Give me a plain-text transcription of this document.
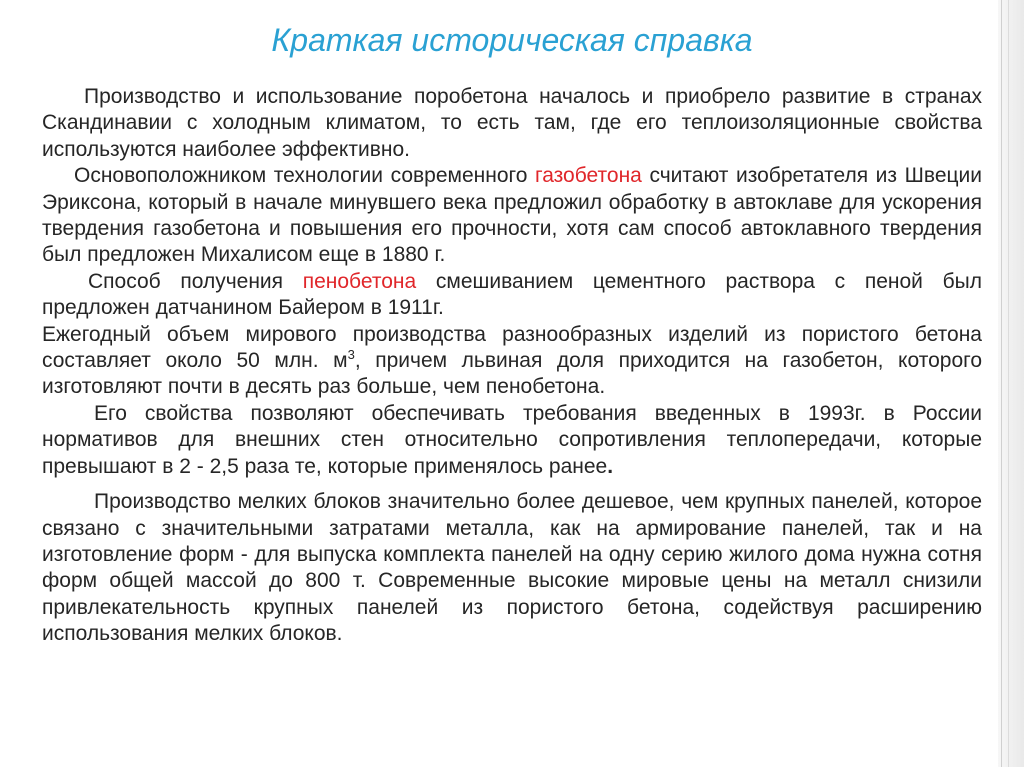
Краткая историческая справка

Производство и использование поробетона началось и приобрело развитие в странах Скандинавии с холодным климатом, то есть там, где его теплоизоляционные свойства используются наиболее эффективно.

Основоположником технологии современного газобетона считают изобретателя из Швеции Эриксона, который в начале минувшего века предложил обработку в автоклаве для ускорения твердения газобетона и повышения его прочности, хотя сам способ автоклавного твердения был предложен Михалисом еще в 1880 г.

Способ получения пенобетона смешиванием цементного раствора с пеной был предложен датчанином Байером в 1911г.

Ежегодный объем мирового производства разнообразных изделий из пористого бетона составляет около 50 млн. $м^3$, причем львиная доля приходится на газобетон, которого изготовляют почти в десять раз больше, чем пенобетона.

Его свойства позволяют обеспечивать требования введенных в 1993г. в России нормативов для внешних стен относительно сопротивления теплопередачи, которые превышают в 2 - 2,5 раза те, которые применялось ранее.

Производство мелких блоков значительно более дешевое, чем крупных панелей, которое связано с значительными затратами металла, как на армирование панелей, так и на изготовление форм - для выпуска комплекта панелей на одну серию жилого дома нужна сотня форм общей массой до 800 т. Современные высокие мировые цены на металл снизили привлекательность крупных панелей из пористого бетона, содействуя расширению использования мелких блоков.
